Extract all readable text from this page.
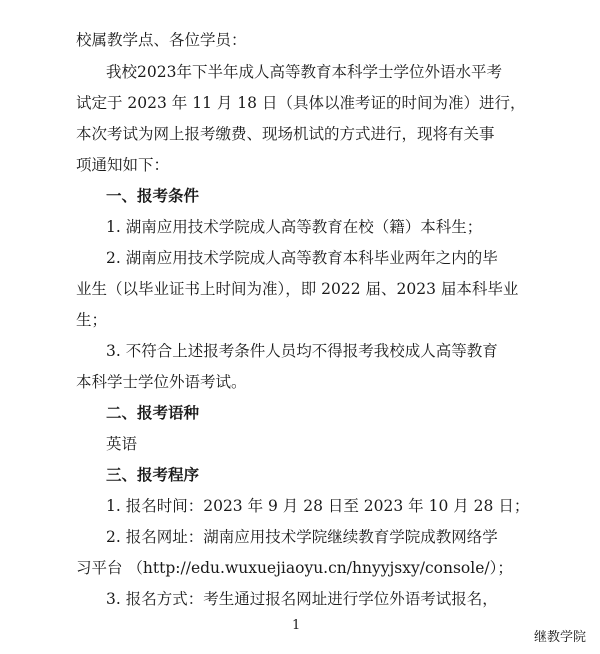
校属教学点、各位学员：
我校2023年下半年成人高等教育本科学士学位外语水平考
试定于 2023 年 11 月 18 日（具体以准考证的时间为准）进行，
本次考试为网上报考缴费、现场机试的方式进行，现将有关事
项通知如下：
一、报考条件
1. 湖南应用技术学院成人高等教育在校（籍）本科生；
2. 湖南应用技术学院成人高等教育本科毕业两年之内的毕
业生（以毕业证书上时间为准），即 2022 届、2023 届本科毕业
生；
3. 不符合上述报考条件人员均不得报考我校成人高等教育
本科学士学位外语考试。
二、报考语种
英语
三、报考程序
1. 报名时间：2023 年 9 月 28 日至 2023 年 10 月 28 日；
2. 报名网址：湖南应用技术学院继续教育学院成教网络学
习平台 （http://edu.wuxuejiaoyu.cn/hnyyjsxy/console/）；
3. 报名方式：考生通过报名网址进行学位外语考试报名，
1
继教学院
